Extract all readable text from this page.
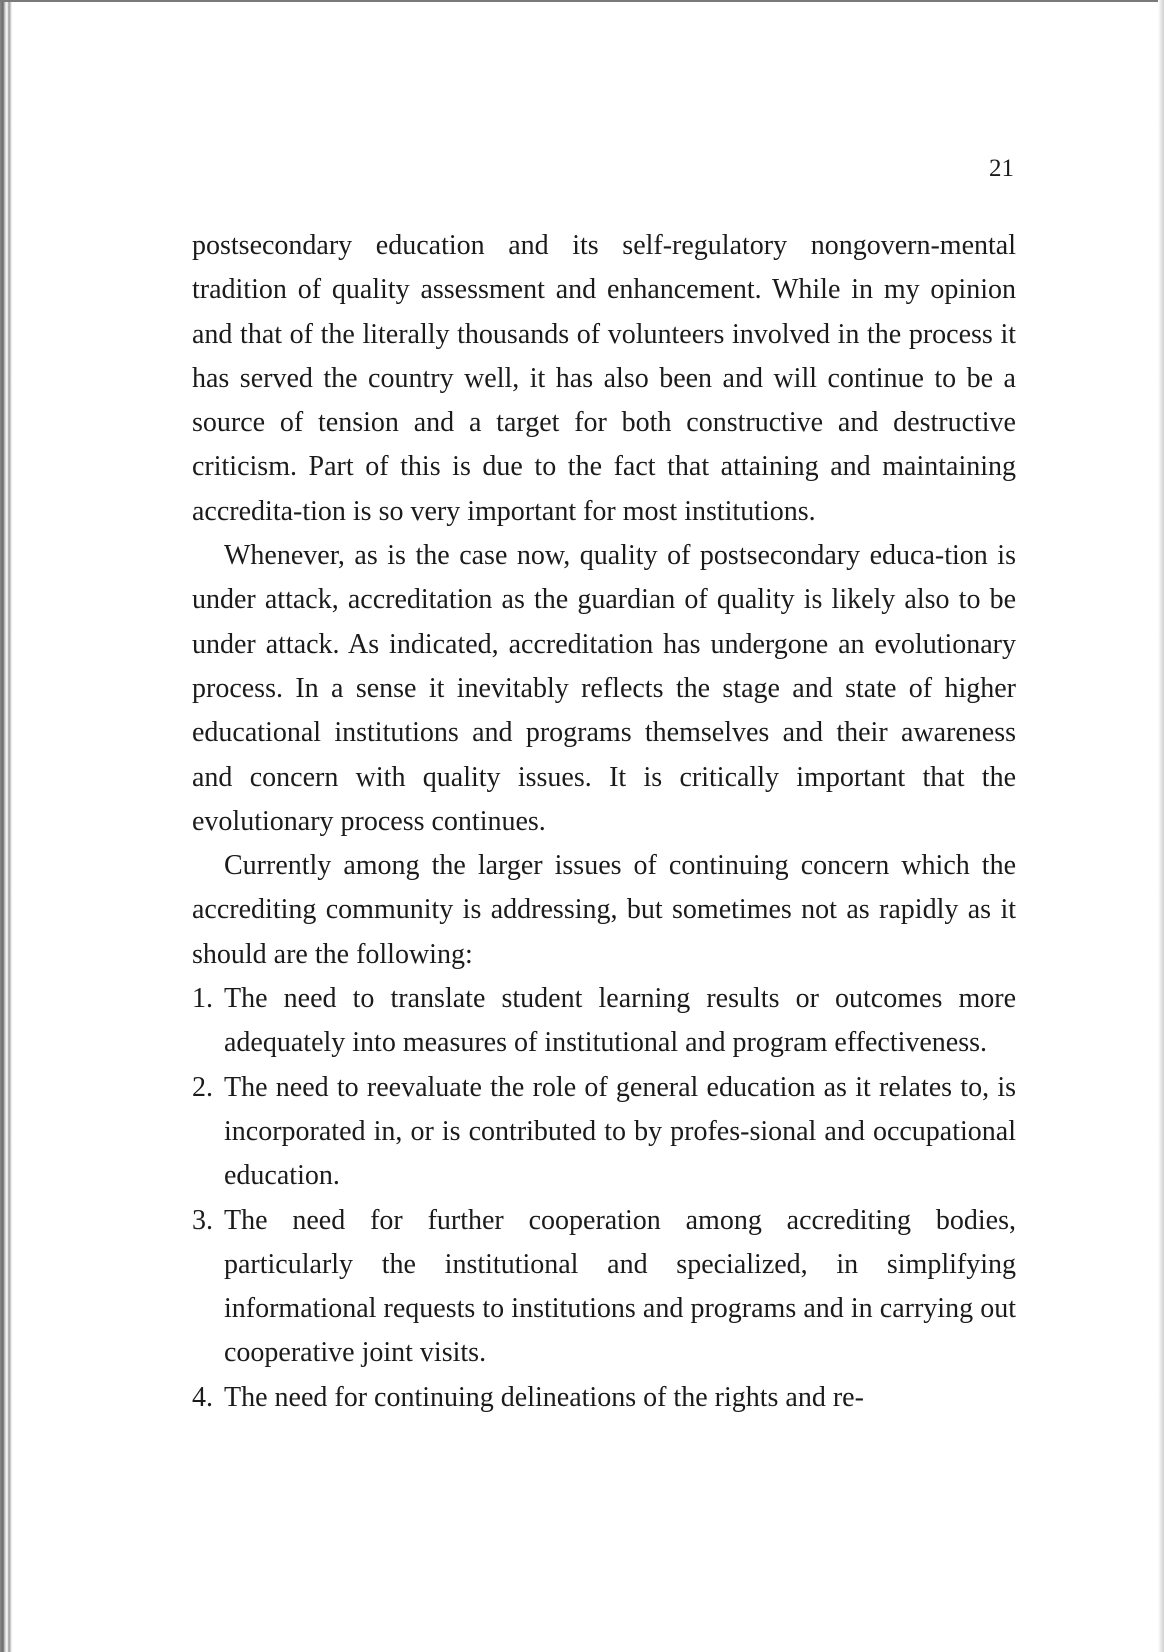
21

postsecondary education and its self-regulatory nongovern-mental tradition of quality assessment and enhancement. While in my opinion and that of the literally thousands of volunteers involved in the process it has served the country well, it has also been and will continue to be a source of tension and a target for both constructive and destructive criticism. Part of this is due to the fact that attaining and maintaining accredita-tion is so very important for most institutions.

Whenever, as is the case now, quality of postsecondary educa-tion is under attack, accreditation as the guardian of quality is likely also to be under attack. As indicated, accreditation has undergone an evolutionary process. In a sense it inevitably reflects the stage and state of higher educational institutions and programs themselves and their awareness and concern with quality issues. It is critically important that the evolutionary process continues.

Currently among the larger issues of continuing concern which the accrediting community is addressing, but sometimes not as rapidly as it should are the following:

1. The need to translate student learning results or outcomes more adequately into measures of institutional and program effectiveness.
2. The need to reevaluate the role of general education as it relates to, is incorporated in, or is contributed to by profes-sional and occupational education.
3. The need for further cooperation among accrediting bodies, particularly the institutional and specialized, in simplifying informational requests to institutions and programs and in carrying out cooperative joint visits.
4. The need for continuing delineations of the rights and re-
